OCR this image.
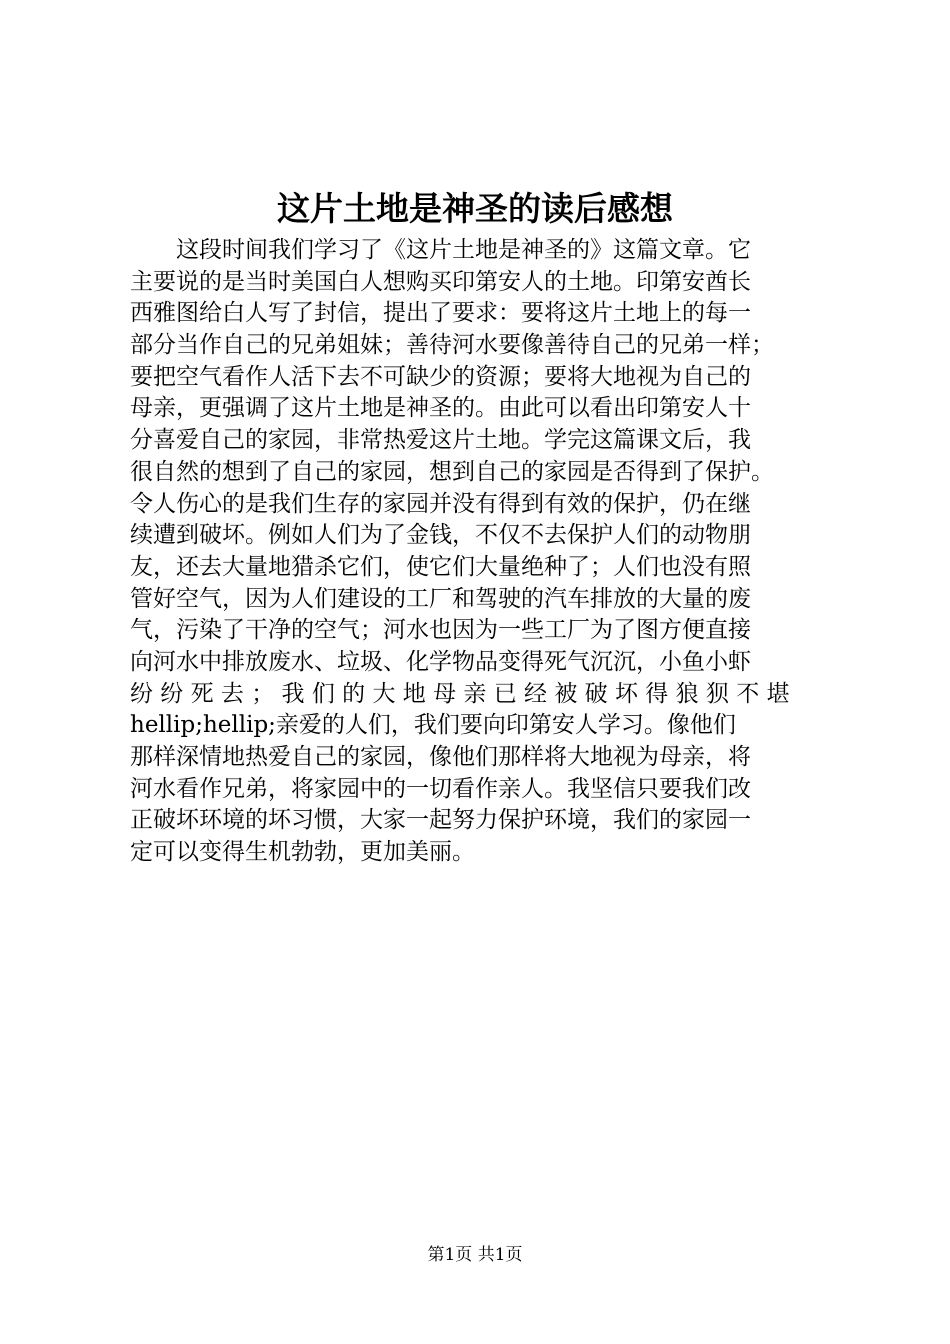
这片土地是神圣的读后感想
　　这段时间我们学习了《这片土地是神圣的》这篇文章。它
主要说的是当时美国白人想购买印第安人的土地。印第安酋长
西雅图给白人写了封信，提出了要求：要将这片土地上的每一
部分当作自己的兄弟姐妹；善待河水要像善待自己的兄弟一样；
要把空气看作人活下去不可缺少的资源；要将大地视为自己的
母亲，更强调了这片土地是神圣的。由此可以看出印第安人十
分喜爱自己的家园，非常热爱这片土地。学完这篇课文后，我
很自然的想到了自己的家园，想到自己的家园是否得到了保护。
令人伤心的是我们生存的家园并没有得到有效的保护，仍在继
续遭到破坏。例如人们为了金钱，不仅不去保护人们的动物朋
友，还去大量地猎杀它们，使它们大量绝种了；人们也没有照
管好空气，因为人们建设的工厂和驾驶的汽车排放的大量的废
气，污染了干净的空气；河水也因为一些工厂为了图方便直接
向河水中排放废水、垃圾、化学物品变得死气沉沉，小鱼小虾
纷 纷 死 去 ； 我 们 的 大 地 母 亲 已 经 被 破 坏 得 狼 狈 不 堪
hellip;hellip;亲爱的人们，我们要向印第安人学习。像他们
那样深情地热爱自己的家园，像他们那样将大地视为母亲，将
河水看作兄弟，将家园中的一切看作亲人。我坚信只要我们改
正破坏环境的坏习惯，大家一起努力保护环境，我们的家园一
定可以变得生机勃勃，更加美丽。
第1页 共1页
